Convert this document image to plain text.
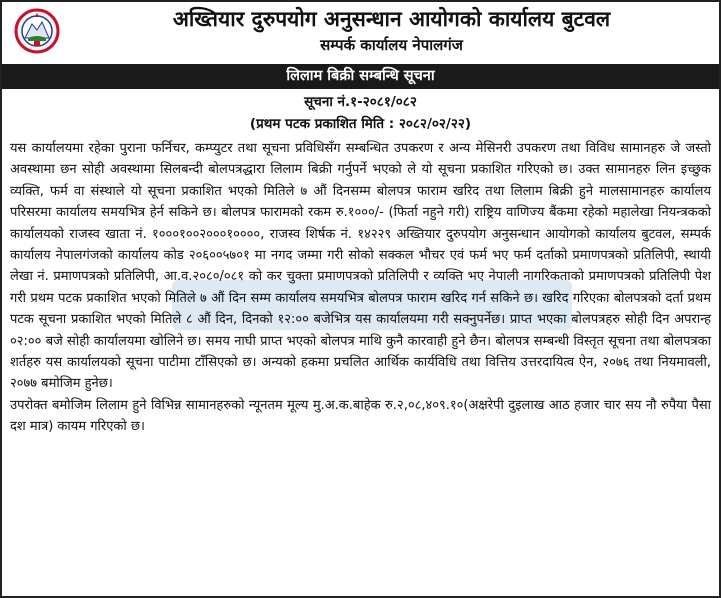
अख्तियार दुरुपयोग अनुसन्धान आयोगको कार्यालय बुटवल
सम्पर्क कार्यालय नेपालगंज
लिलाम बिक्री सम्बन्धि सूचना
सूचना नं.१-२०८१/०८२
(प्रथम पटक प्रकाशित मिति : २०८२/०२/२२)

यस कार्यालयमा रहेका पुराना फर्निचर, कम्प्युटर तथा सूचना प्रविधिसँग सम्बन्धित उपकरण र अन्य मेसिनरी उपकरण तथा विविध सामानहरु जे जस्तो अवस्थामा छन सोही अवस्थामा सिलबन्दी बोलपत्रद्धारा लिलाम बिक्री गर्नुपर्ने भएको ले यो सूचना प्रकाशित गरिएको छ। उक्त सामानहरु लिन इच्छुक व्यक्ति, फर्म वा संस्थाले यो सूचना प्रकाशित भएको मितिले ७ औं दिनसम्म बोलपत्र फाराम खरिद तथा लिलाम बिक्री हुने मालसामानहरु कार्यालय परिसरमा कार्यालय समयभित्र हेर्न सकिने छ। बोलपत्र फारामको रकम रु.१०००/- (फिर्ता नहुने गरी) राष्ट्रिय वाणिज्य बैंकमा रहेको महालेखा नियन्त्रकको कार्यालयको राजस्व खाता नं. १०००१००२०००१००००, राजस्व शिर्षक नं. १४२२९ अख्तियार दुरुपयोग अनुसन्धान आयोगको कार्यालय बुटवल, सम्पर्क कार्यालय नेपालगंजको कार्यालय कोड २०६००५७०१ मा नगद जम्मा गरी सोको सक्कल भौचर एवं फर्म भए फर्म दर्ताको प्रमाणपत्रको प्रतिलिपी, स्थायी लेखा नं. प्रमाणपत्रको प्रतिलिपी, आ.व.२०८०/०८१ को कर चुक्ता प्रमाणपत्रको प्रतिलिपी र व्यक्ति भए नेपाली नागरिकताको प्रमाणपत्रको प्रतिलिपी पेश गरी प्रथम पटक प्रकाशित भएको मितिले ७ औं दिन सम्म कार्यालय समयभित्र बोलपत्र फाराम खरिद गर्न सकिने छ। खरिद गरिएका बोलपत्रको दर्ता प्रथम पटक सूचना प्रकाशित भएको मितिले ८ औं दिन, दिनको १२:०० बजेभित्र यस कार्यालयमा गरी सक्नुपर्नेछ। प्राप्त भएका बोलपत्रहरु सोही दिन अपरान्ह ०२:०० बजे सोही कार्यालयमा खोलिने छ। समय नाघी प्राप्त भएको बोलपत्र माथि कुनै कारवाही हुने छैन। बोलपत्र सम्बन्धी विस्तृत सूचना तथा बोलपत्रका शर्तहरु यस कार्यालयको सूचना पाटीमा टाँसिएको छ। अन्यको हकमा प्रचलित आर्थिक कार्यविधि तथा वित्तिय उत्तरदायित्व ऐन, २०७६ तथा नियमावली, २०७७ बमोजिम हुनेछ।

उपरोक्त बमोजिम लिलाम हुने विभिन्न सामानहरुको न्यूनतम मूल्य मु.अ.क.बाहेक रु.२,०८,४०९.१०(अक्षरेपी दुइलाख आठ हजार चार सय नौ रुपैया पैसा दश मात्र) कायम गरिएको छ।
